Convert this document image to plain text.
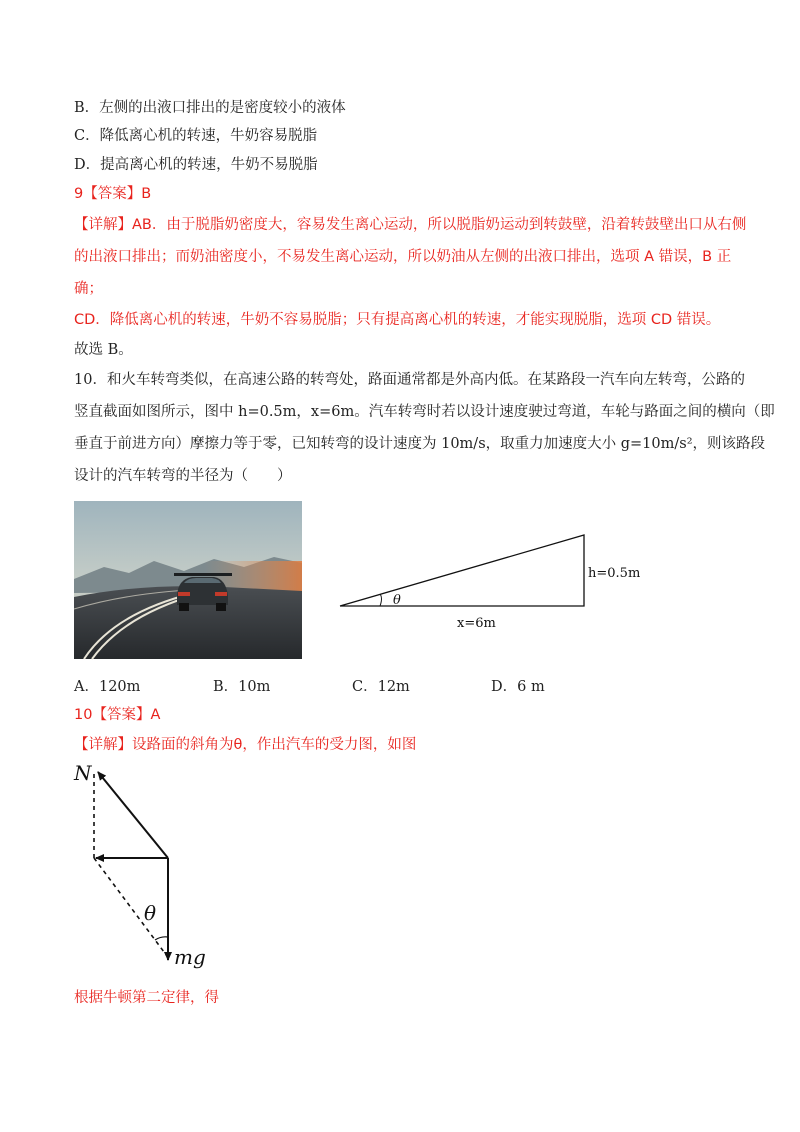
B．左侧的出液口排出的是密度较小的液体
C．降低离心机的转速，牛奶容易脱脂
D．提高离心机的转速，牛奶不易脱脂
9【答案】B
【详解】AB．由于脱脂奶密度大，容易发生离心运动，所以脱脂奶运动到转鼓壁，沿着转鼓壁出口从右侧
的出液口排出；而奶油密度小，不易发生离心运动，所以奶油从左侧的出液口排出，选项 A 错误，B 正
确；
CD．降低离心机的转速，牛奶不容易脱脂；只有提高离心机的转速，才能实现脱脂，选项 CD 错误。
故选 B。
10．和火车转弯类似，在高速公路的转弯处，路面通常都是外高内低。在某路段一汽车向左转弯，公路的
竖直截面如图所示，图中 h=0.5m，x=6m。汽车转弯时若以设计速度驶过弯道，车轮与路面之间的横向（即
垂直于前进方向）摩擦力等于零，已知转弯的设计速度为 10m/s，取重力加速度大小 g=10m/s²，则该路段
设计的汽车转弯的半径为（　　）
θ
h=0.5m
x=6m
A．120m	B．10m	C．12m	D．6 m
10【答案】A
【详解】设路面的斜角为θ，作出汽车的受力图，如图
N
θ
mg
根据牛顿第二定律，得
